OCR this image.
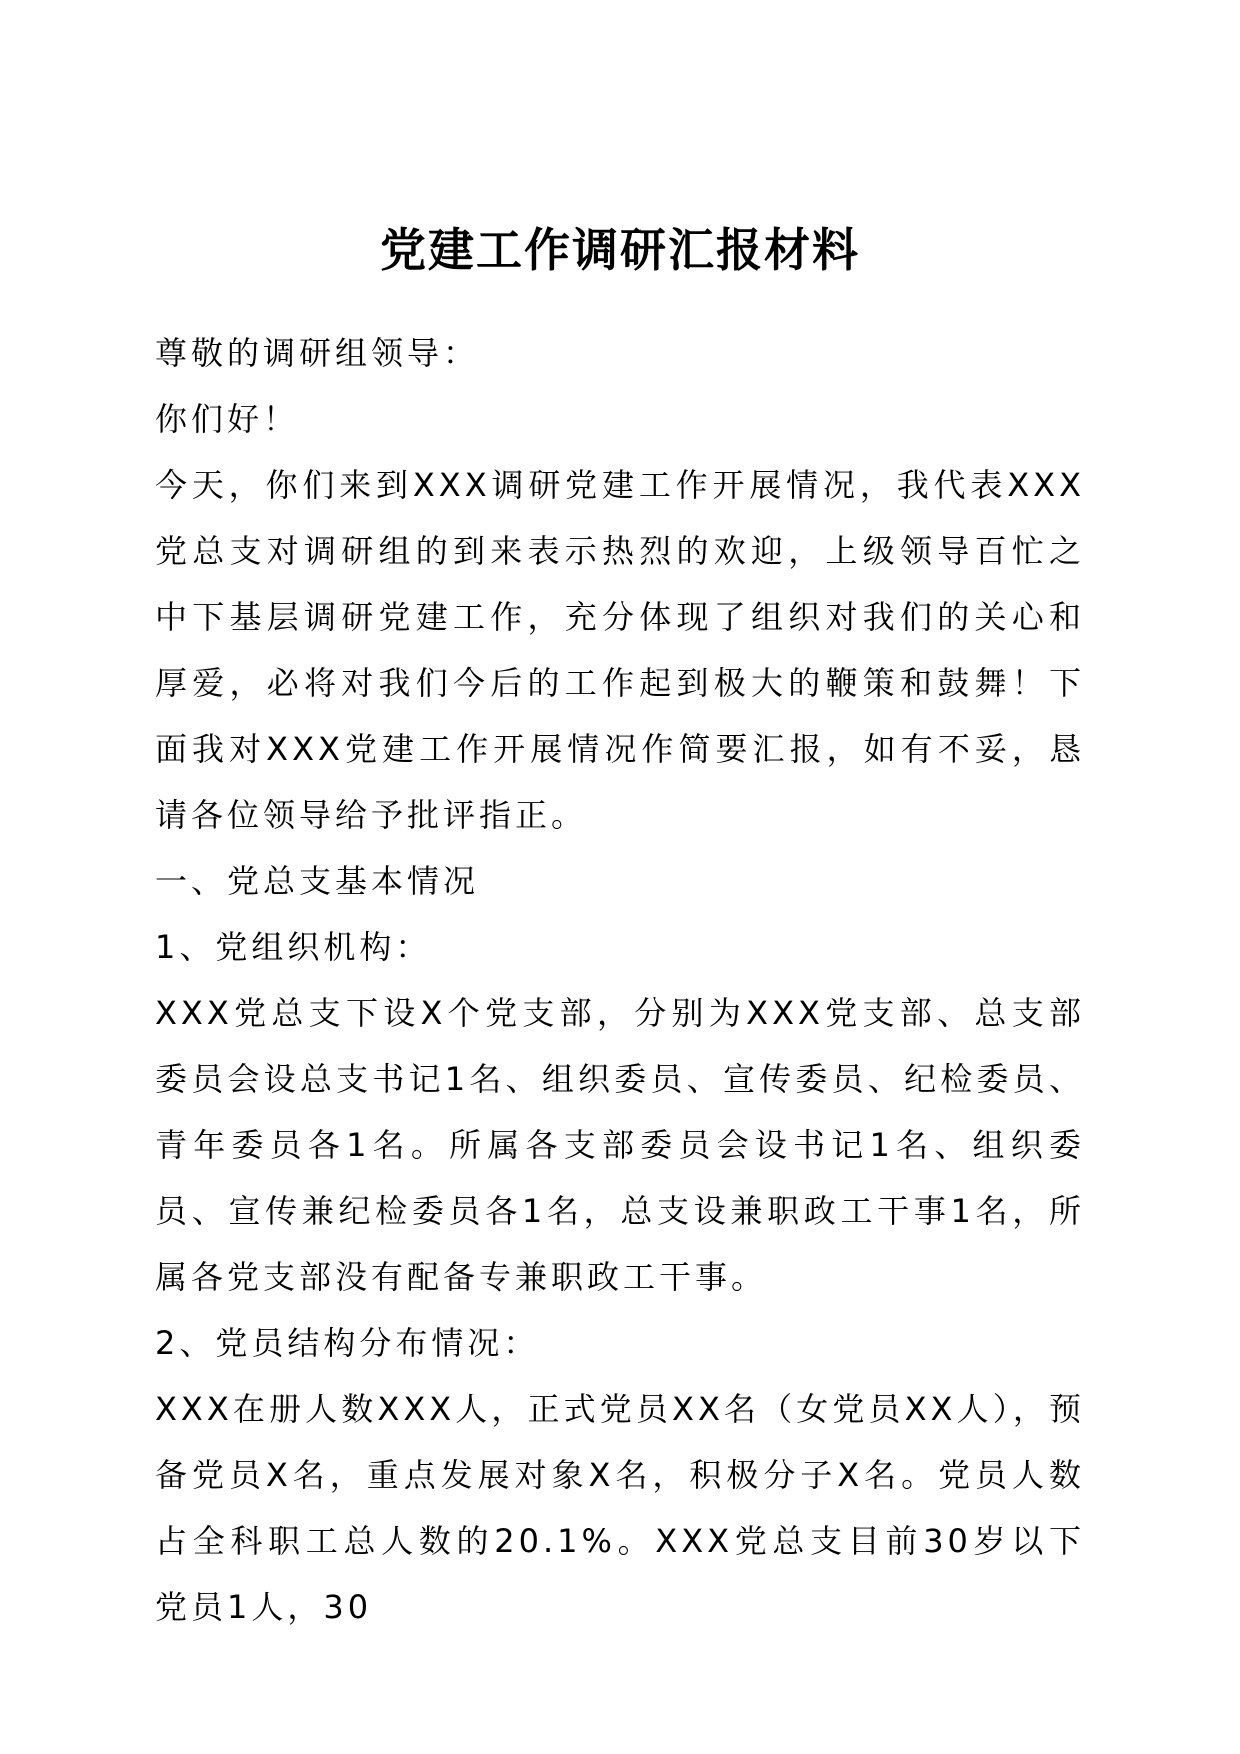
党建工作调研汇报材料

尊敬的调研组领导：

你们好！

今天，你们来到XXX调研党建工作开展情况，我代表XXX党总支对调研组的到来表示热烈的欢迎，上级领导百忙之中下基层调研党建工作，充分体现了组织对我们的关心和厚爱，必将对我们今后的工作起到极大的鞭策和鼓舞！下面我对XXX党建工作开展情况作简要汇报，如有不妥，恳请各位领导给予批评指正。

一、党总支基本情况

1、党组织机构：

XXX党总支下设X个党支部，分别为XXX党支部、总支部委员会设总支书记1名、组织委员、宣传委员、纪检委员、青年委员各1名。所属各支部委员会设书记1名、组织委员、宣传兼纪检委员各1名，总支设兼职政工干事1名，所属各党支部没有配备专兼职政工干事。

2、党员结构分布情况：

XXX在册人数XXX人，正式党员XX名（女党员XX人），预备党员X名，重点发展对象X名，积极分子X名。党员人数占全科职工总人数的20.1%。XXX党总支目前30岁以下党员1人，30
